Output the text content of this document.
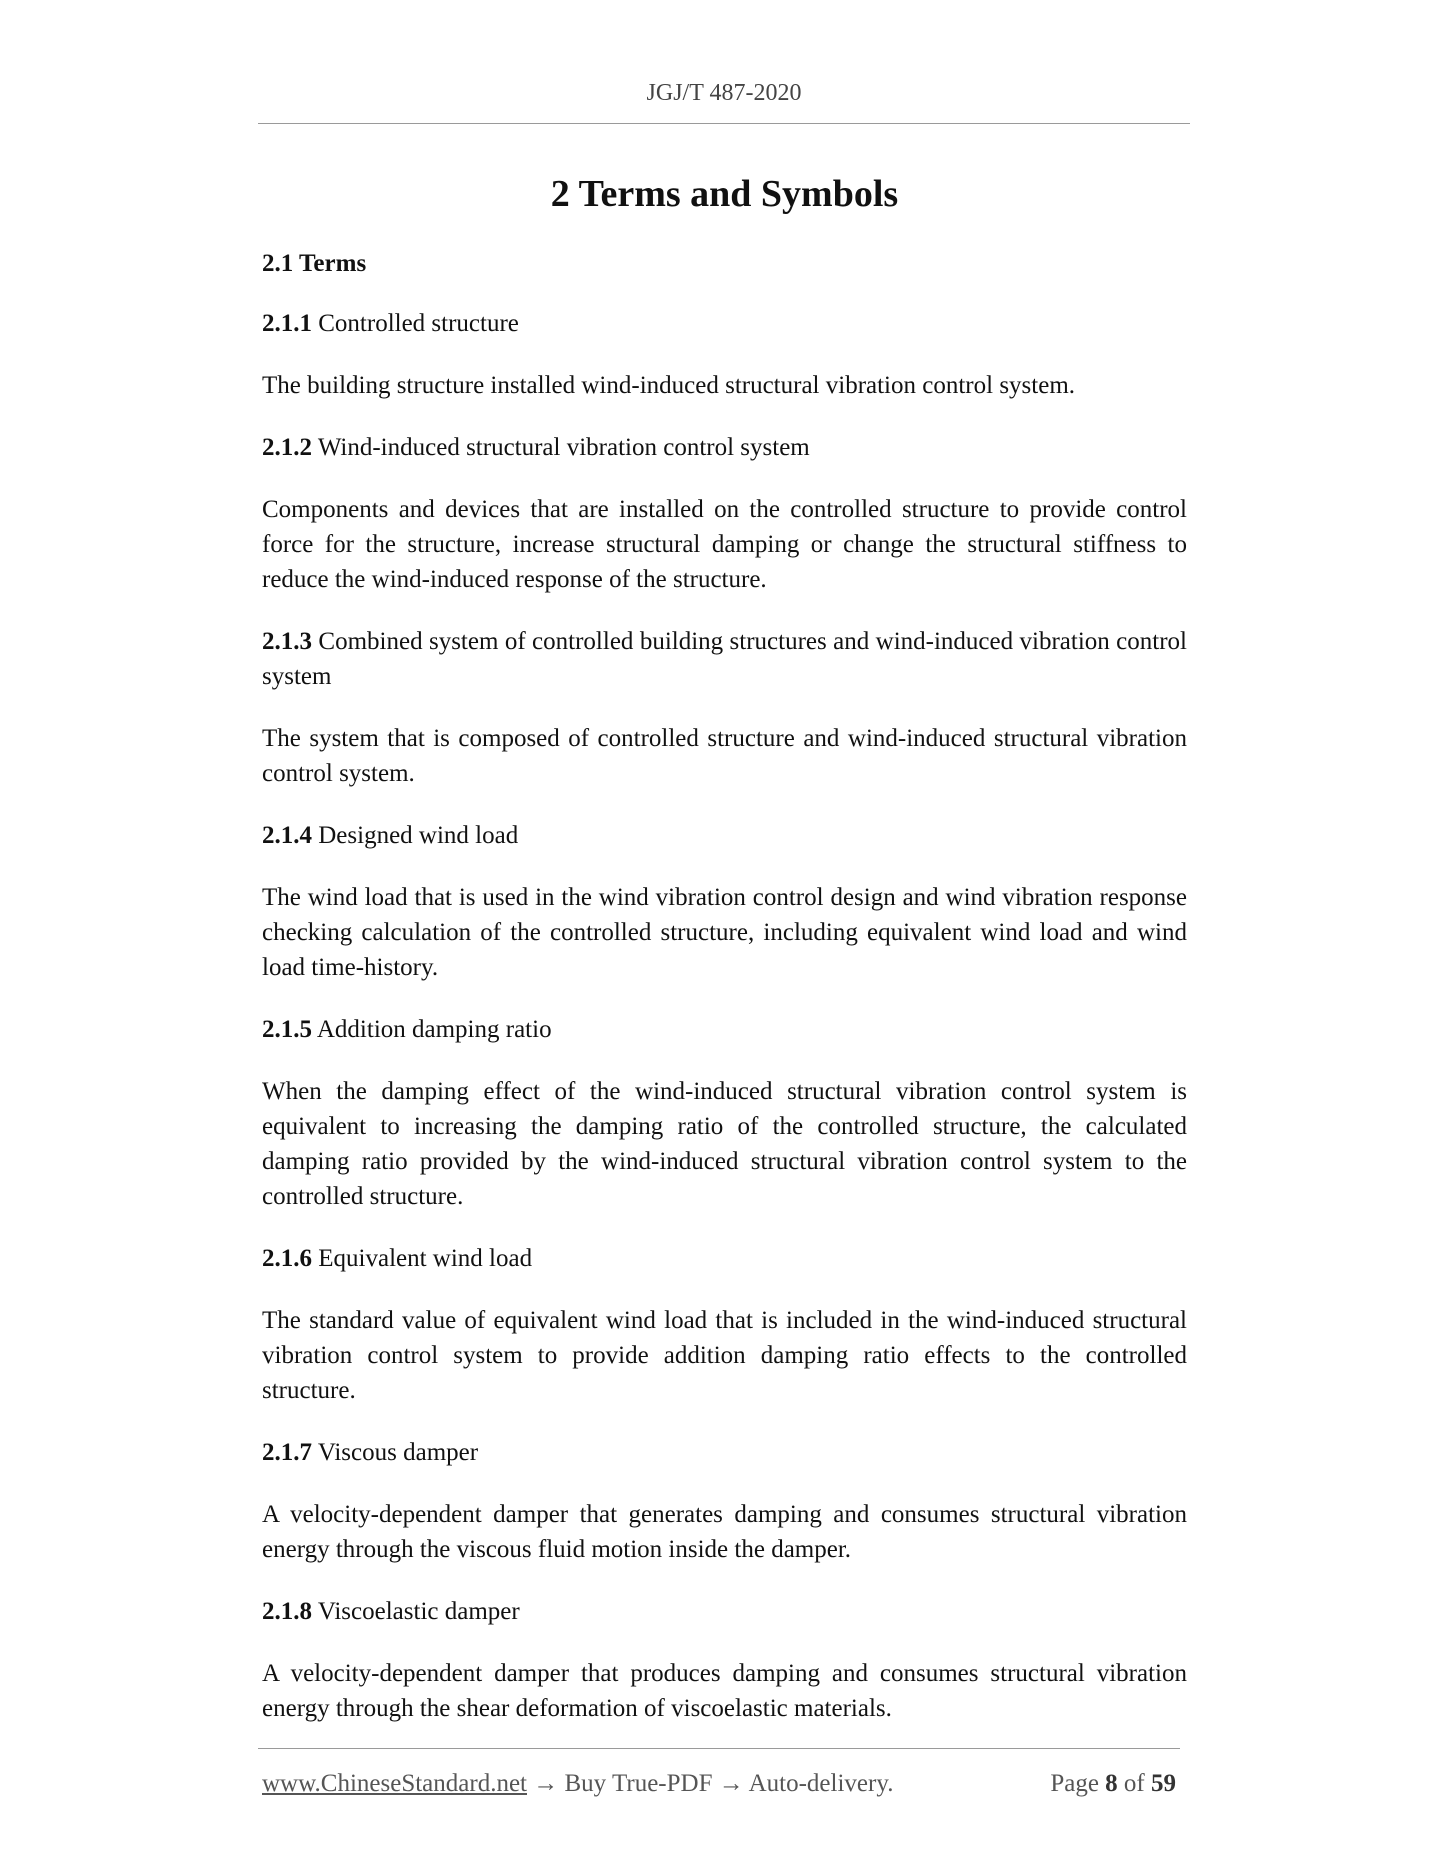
JGJ/T 487-2020
2 Terms and Symbols
2.1 Terms
2.1.1 Controlled structure
The building structure installed wind-induced structural vibration control system.
2.1.2 Wind-induced structural vibration control system
Components and devices that are installed on the controlled structure to provide control force for the structure, increase structural damping or change the structural stiffness to reduce the wind-induced response of the structure.
2.1.3 Combined system of controlled building structures and wind-induced vibration control system
The system that is composed of controlled structure and wind-induced structural vibration control system.
2.1.4 Designed wind load
The wind load that is used in the wind vibration control design and wind vibration response checking calculation of the controlled structure, including equivalent wind load and wind load time-history.
2.1.5 Addition damping ratio
When the damping effect of the wind-induced structural vibration control system is equivalent to increasing the damping ratio of the controlled structure, the calculated damping ratio provided by the wind-induced structural vibration control system to the controlled structure.
2.1.6 Equivalent wind load
The standard value of equivalent wind load that is included in the wind-induced structural vibration control system to provide addition damping ratio effects to the controlled structure.
2.1.7 Viscous damper
A velocity-dependent damper that generates damping and consumes structural vibration energy through the viscous fluid motion inside the damper.
2.1.8 Viscoelastic damper
A velocity-dependent damper that produces damping and consumes structural vibration energy through the shear deformation of viscoelastic materials.
www.ChineseStandard.net → Buy True-PDF → Auto-delivery.	Page 8 of 59
